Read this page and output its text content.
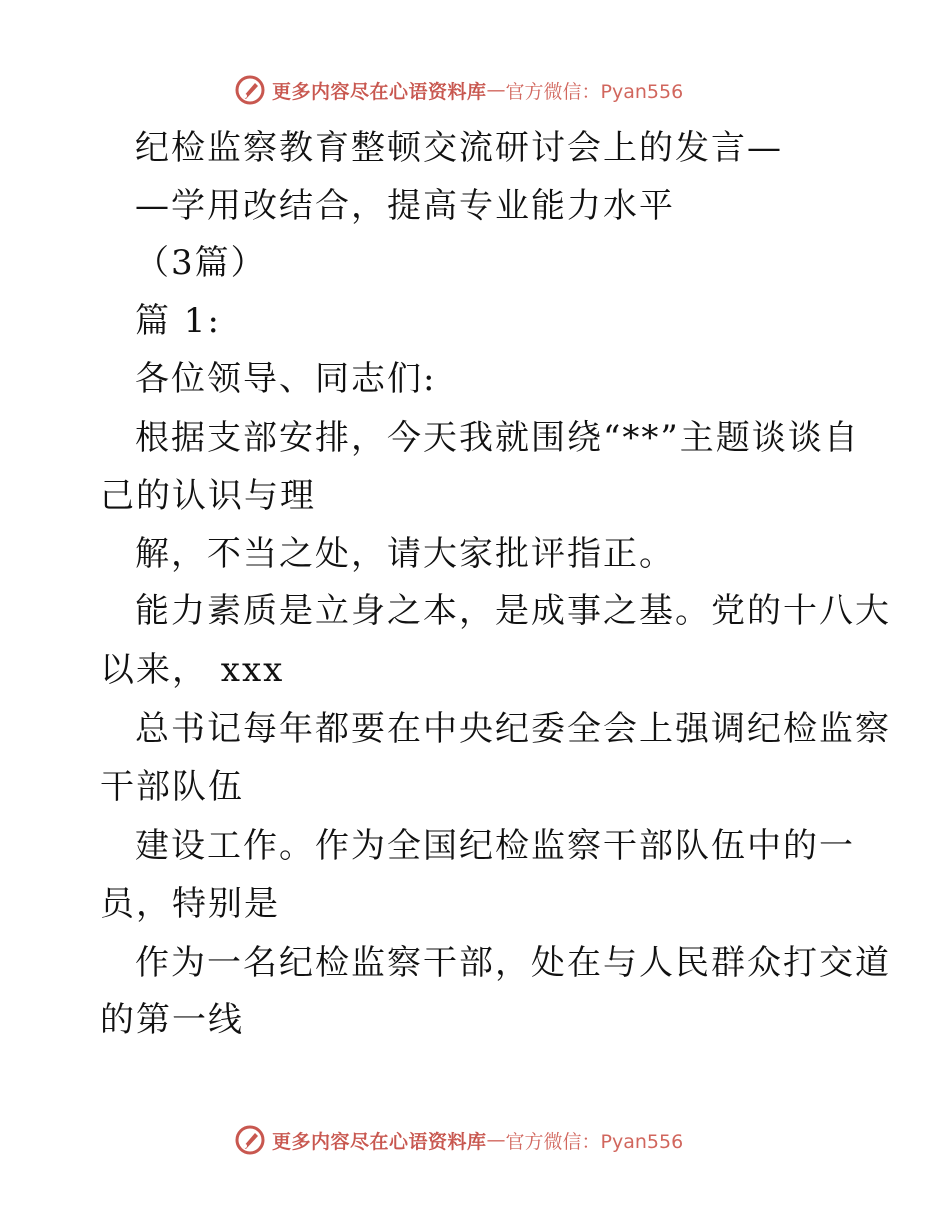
更多内容尽在心语资料库 — 官方微信：Pyan556
纪检监察教育整顿交流研讨会上的发言—
—学用改结合，提高专业能力水平
（3篇）
篇 1:
各位领导、同志们:
根据支部安排，今天我就围绕“**”主题谈谈自
己的认识与理
解，不当之处，请大家批评指正。
能力素质是立身之本，是成事之基。党的十八大
以来， xxx
总书记每年都要在中央纪委全会上强调纪检监察
干部队伍
建设工作。作为全国纪检监察干部队伍中的一
员，特别是
作为一名纪检监察干部，处在与人民群众打交道
的第一线
更多内容尽在心语资料库 — 官方微信：Pyan556
